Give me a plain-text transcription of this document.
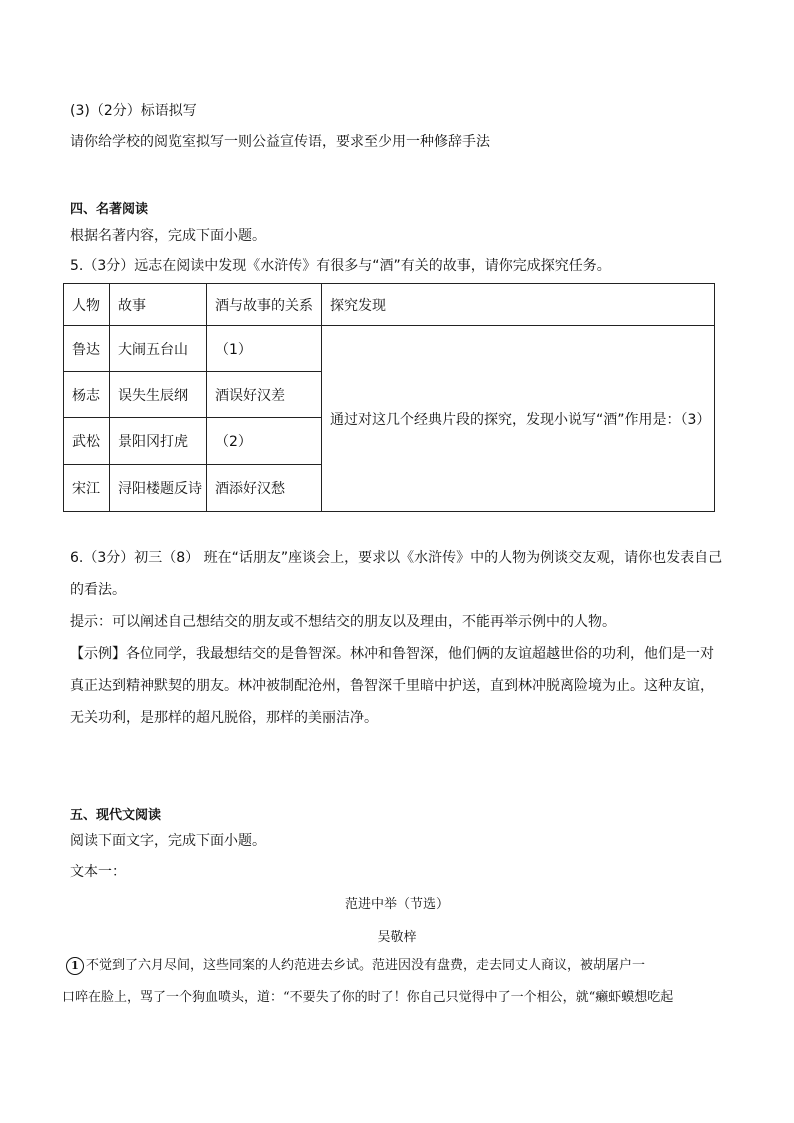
(3)（2分）标语拟写
请你给学校的阅览室拟写一则公益宣传语，要求至少用一种修辞手法
四、名著阅读
根据名著内容，完成下面小题。
5.（3分）远志在阅读中发现《水浒传》有很多与“酒”有关的故事，请你完成探究任务。
人物	故事	酒与故事的关系	探究发现
鲁达	大闹五台山	（1）	通过对这几个经典片段的探究，发现小说写“酒”作用是：（3）
杨志	误失生辰纲	酒误好汉差	
武松	景阳冈打虎	（2）	
宋江	浔阳楼题反诗	酒添好汉愁	
6.（3分）初三（8） 班在“话朋友”座谈会上，要求以《水浒传》中的人物为例谈交友观，请你也发表自己
的看法。
提示：可以阐述自己想结交的朋友或不想结交的朋友以及理由，不能再举示例中的人物。
【示例】各位同学，我最想结交的是鲁智深。林冲和鲁智深，他们俩的友谊超越世俗的功利，他们是一对
真正达到精神默契的朋友。林冲被制配沧州，鲁智深千里暗中护送，直到林冲脱离险境为止。这种友谊，
无关功利，是那样的超凡脱俗，那样的美丽洁净。
五、现代文阅读
阅读下面文字，完成下面小题。
文本一：
范进中举（节选）
吴敬梓
1 不觉到了六月尽间，这些同案的人约范进去乡试。范进因没有盘费，走去同丈人商议，被胡屠户一
口啐在脸上，骂了一个狗血喷头，道：“不要失了你的时了！你自己只觉得中了一个相公，就“癞虾蟆想吃起
